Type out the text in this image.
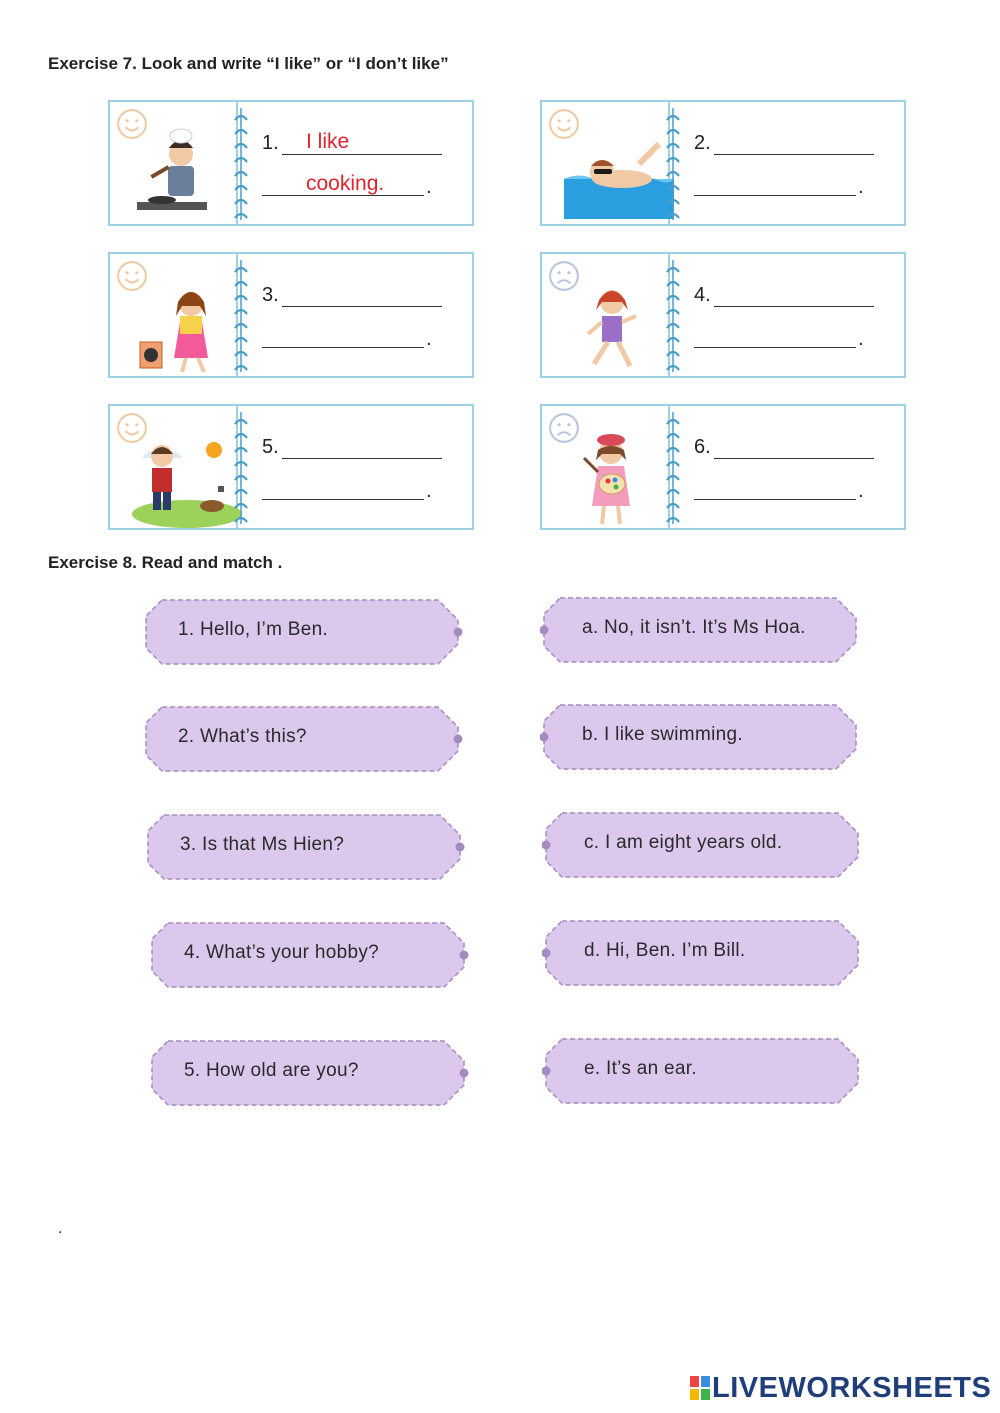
Exercise 7. Look and write “I like” or “I don’t like”
1.
.
I like
cooking.
2.
.
3.
.
4.
.
5.
.
6.
.
Exercise 8. Read and match .
1. Hello, I’m Ben.
2. What’s this?
3. Is that Ms Hien?
4. What’s your hobby?
5. How old are you?
a. No, it isn’t. It’s Ms Hoa.
b. I like swimming.
c. I am eight years old.
d. Hi, Ben. I’m Bill.
e. It’s an ear.
.
LIVEWORKSHEETS
